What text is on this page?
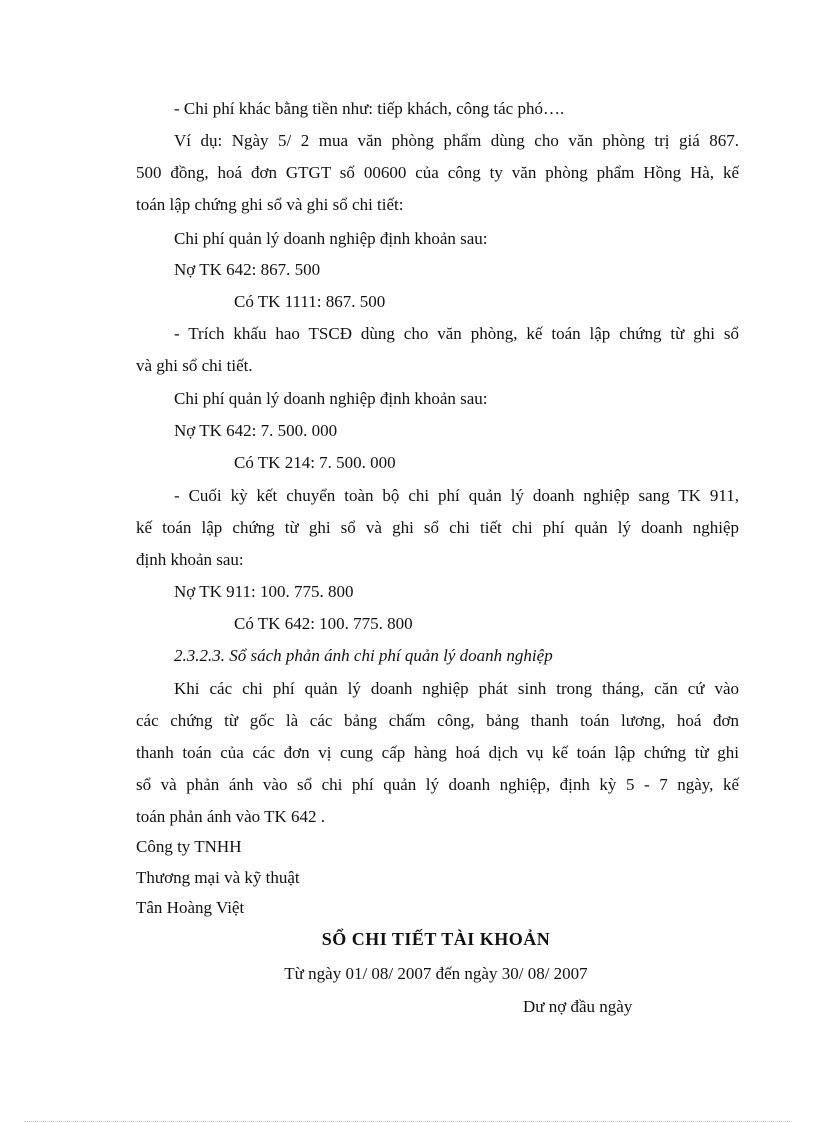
- Chi phí khác bằng tiền như: tiếp khách, công tác phó….
Ví dụ: Ngày 5/ 2 mua văn phòng phẩm dùng cho văn phòng trị giá 867.
500 đồng, hoá đơn GTGT số 00600 của công ty văn phòng phẩm Hồng Hà, kế
toán lập chứng ghi sổ và ghi sổ chi tiết:
Chi phí quản lý doanh nghiệp định khoản sau:
Nợ TK 642: 867. 500
Có TK 1111: 867. 500
- Trích khấu hao TSCĐ dùng cho văn phòng, kế toán lập chứng từ ghi sổ
và ghi sổ chi tiết.
Chi phí quản lý doanh nghiệp định khoản sau:
Nợ TK 642: 7. 500. 000
Có TK 214: 7. 500. 000
- Cuối kỳ kết chuyển toàn bộ chi phí quản lý doanh nghiệp sang TK 911,
kế toán lập chứng từ ghi sổ và ghi sổ chi tiết chi phí quản lý doanh nghiệp
định khoản sau:
Nợ TK 911: 100. 775. 800
Có TK 642: 100. 775. 800
2.3.2.3. Sổ sách phản ánh chi phí quản lý doanh nghiệp
Khi các chi phí quản lý doanh nghiệp phát sinh trong tháng, căn cứ vào
các chứng từ gốc là các bảng chấm công, bảng thanh toán lương, hoá đơn
thanh toán của các đơn vị cung cấp hàng hoá dịch vụ kế toán lập chứng từ ghi
sổ và phản ánh vào sổ chi phí quản lý doanh nghiệp, định kỳ 5 - 7 ngày, kế
toán phản ánh vào TK 642 .
Công ty TNHH
Thương mại và kỹ thuật
Tân Hoàng Việt
SỔ CHI TIẾT TÀI KHOẢN
Từ ngày 01/ 08/ 2007 đến ngày 30/ 08/ 2007
Dư nợ đầu ngày
